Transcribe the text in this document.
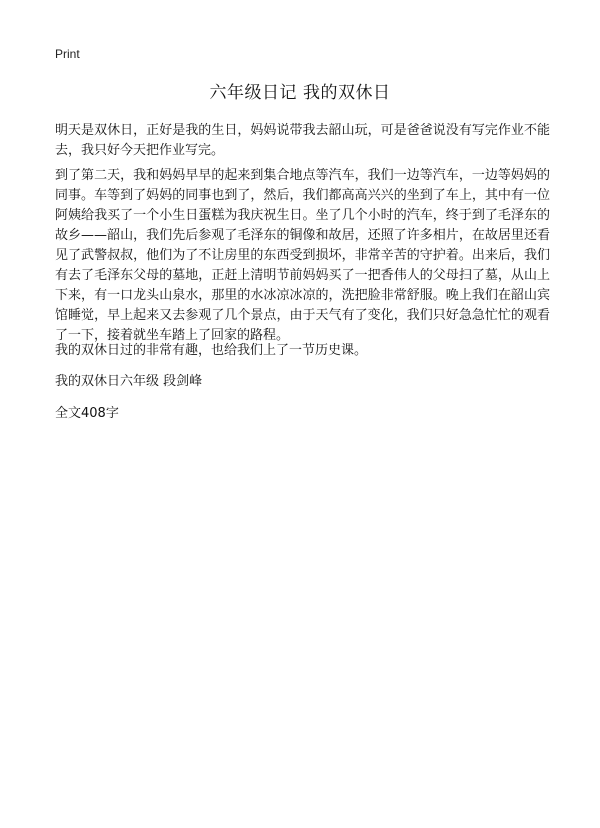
Print
六年级日记 我的双休日

明天是双休日，正好是我的生日，妈妈说带我去韶山玩，可是爸爸说没有写完作业不能去，我只好今天把作业写完。

到了第二天，我和妈妈早早的起来到集合地点等汽车，我们一边等汽车，一边等妈妈的同事。车等到了妈妈的同事也到了，然后，我们都高高兴兴的坐到了车上，其中有一位阿姨给我买了一个小生日蛋糕为我庆祝生日。坐了几个小时的汽车，终于到了毛泽东的故乡——韶山，我们先后参观了毛泽东的铜像和故居，还照了许多相片，在故居里还看见了武警叔叔，他们为了不让房里的东西受到损坏，非常辛苦的守护着。出来后，我们有去了毛泽东父母的墓地，正赶上清明节前妈妈买了一把香伟人的父母扫了墓，从山上下来，有一口龙头山泉水，那里的水冰凉冰凉的，洗把脸非常舒服。晚上我们在韶山宾馆睡觉，早上起来又去参观了几个景点，由于天气有了变化，我们只好急急忙忙的观看了一下，接着就坐车踏上了回家的路程。

我的双休日过的非常有趣，也给我们上了一节历史课。

我的双休日六年级 段剑峰

全文408字
